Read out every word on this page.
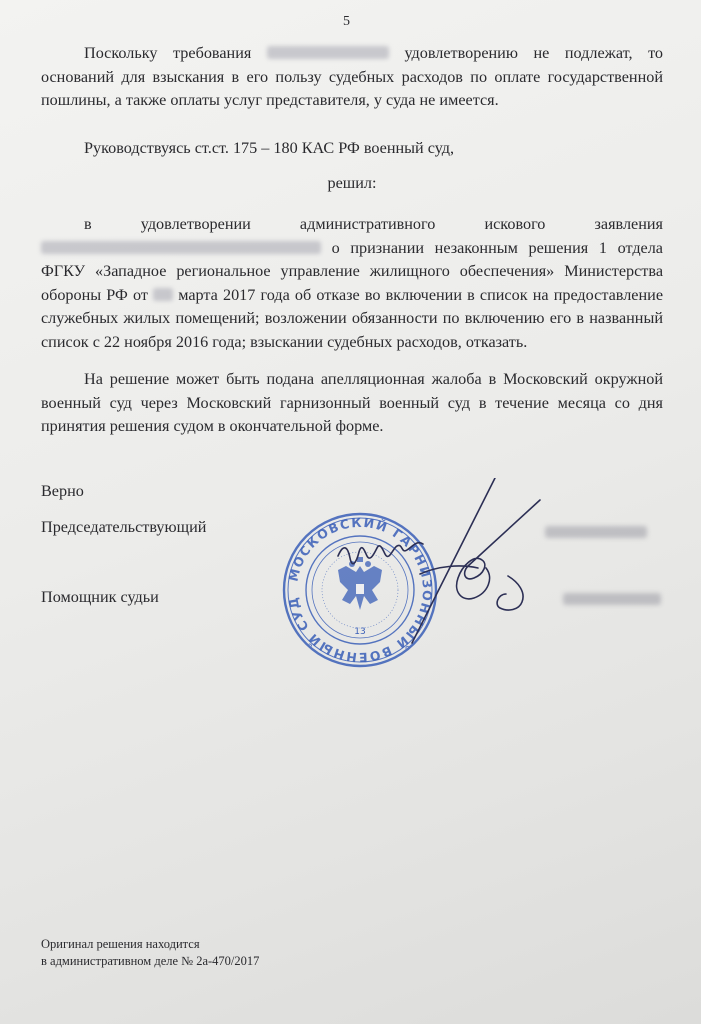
5
Поскольку требования	удовлетворению не подлежат, то оснований для взыскания в его пользу судебных расходов по оплате государственной пошлины, а также оплаты услуг представителя, у суда не имеется.
Руководствуясь ст.ст. 175 – 180 КАС РФ военный суд,
решил:
в удовлетворении административного искового заявления  о признании незаконным решения 1 отдела ФГКУ «Западное региональное управление жилищного обеспечения» Министерства обороны РФ от марта 2017 года об отказе во включении в список на предоставление служебных жилых помещений; возложении обязанности по включению его в названный список с 22 ноября 2016 года; взыскании судебных расходов, отказать.
На решение может быть подана апелляционная жалоба в Московский окружной военный суд через Московский гарнизонный военный суд в течение месяца со дня принятия решения судом в окончательной форме.
Верно
Председательствующий
Помощник судьи
МОСКОВСКИЙ ГАРНИЗОННЫЙ ВОЕННЫЙ СУД
13
Оригинал решения находится
в административном деле № 2а-470/2017
